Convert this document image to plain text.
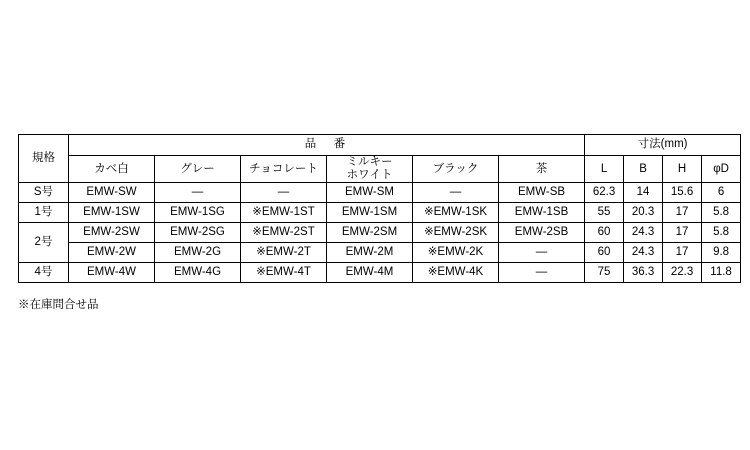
規格	品　番						寸法(mm)			
	カベ白	グレー	チョコレート	ミルキー
ホワイト	ブラック	茶	L	B	H	φD
S号	EMW-SW	—	—	EMW-SM	—	EMW-SB	62.3	14	15.6	6
1号	EMW-1SW	EMW-1SG	※EMW-1ST	EMW-1SM	※EMW-1SK	EMW-1SB	55	20.3	17	5.8
2号	EMW-2SW	EMW-2SG	※EMW-2ST	EMW-2SM	※EMW-2SK	EMW-2SB	60	24.3	17	5.8
	EMW-2W	EMW-2G	※EMW-2T	EMW-2M	※EMW-2K	—	60	24.3	17	9.8
4号	EMW-4W	EMW-4G	※EMW-4T	EMW-4M	※EMW-4K	—	75	36.3	22.3	11.8
※在庫問合せ品
